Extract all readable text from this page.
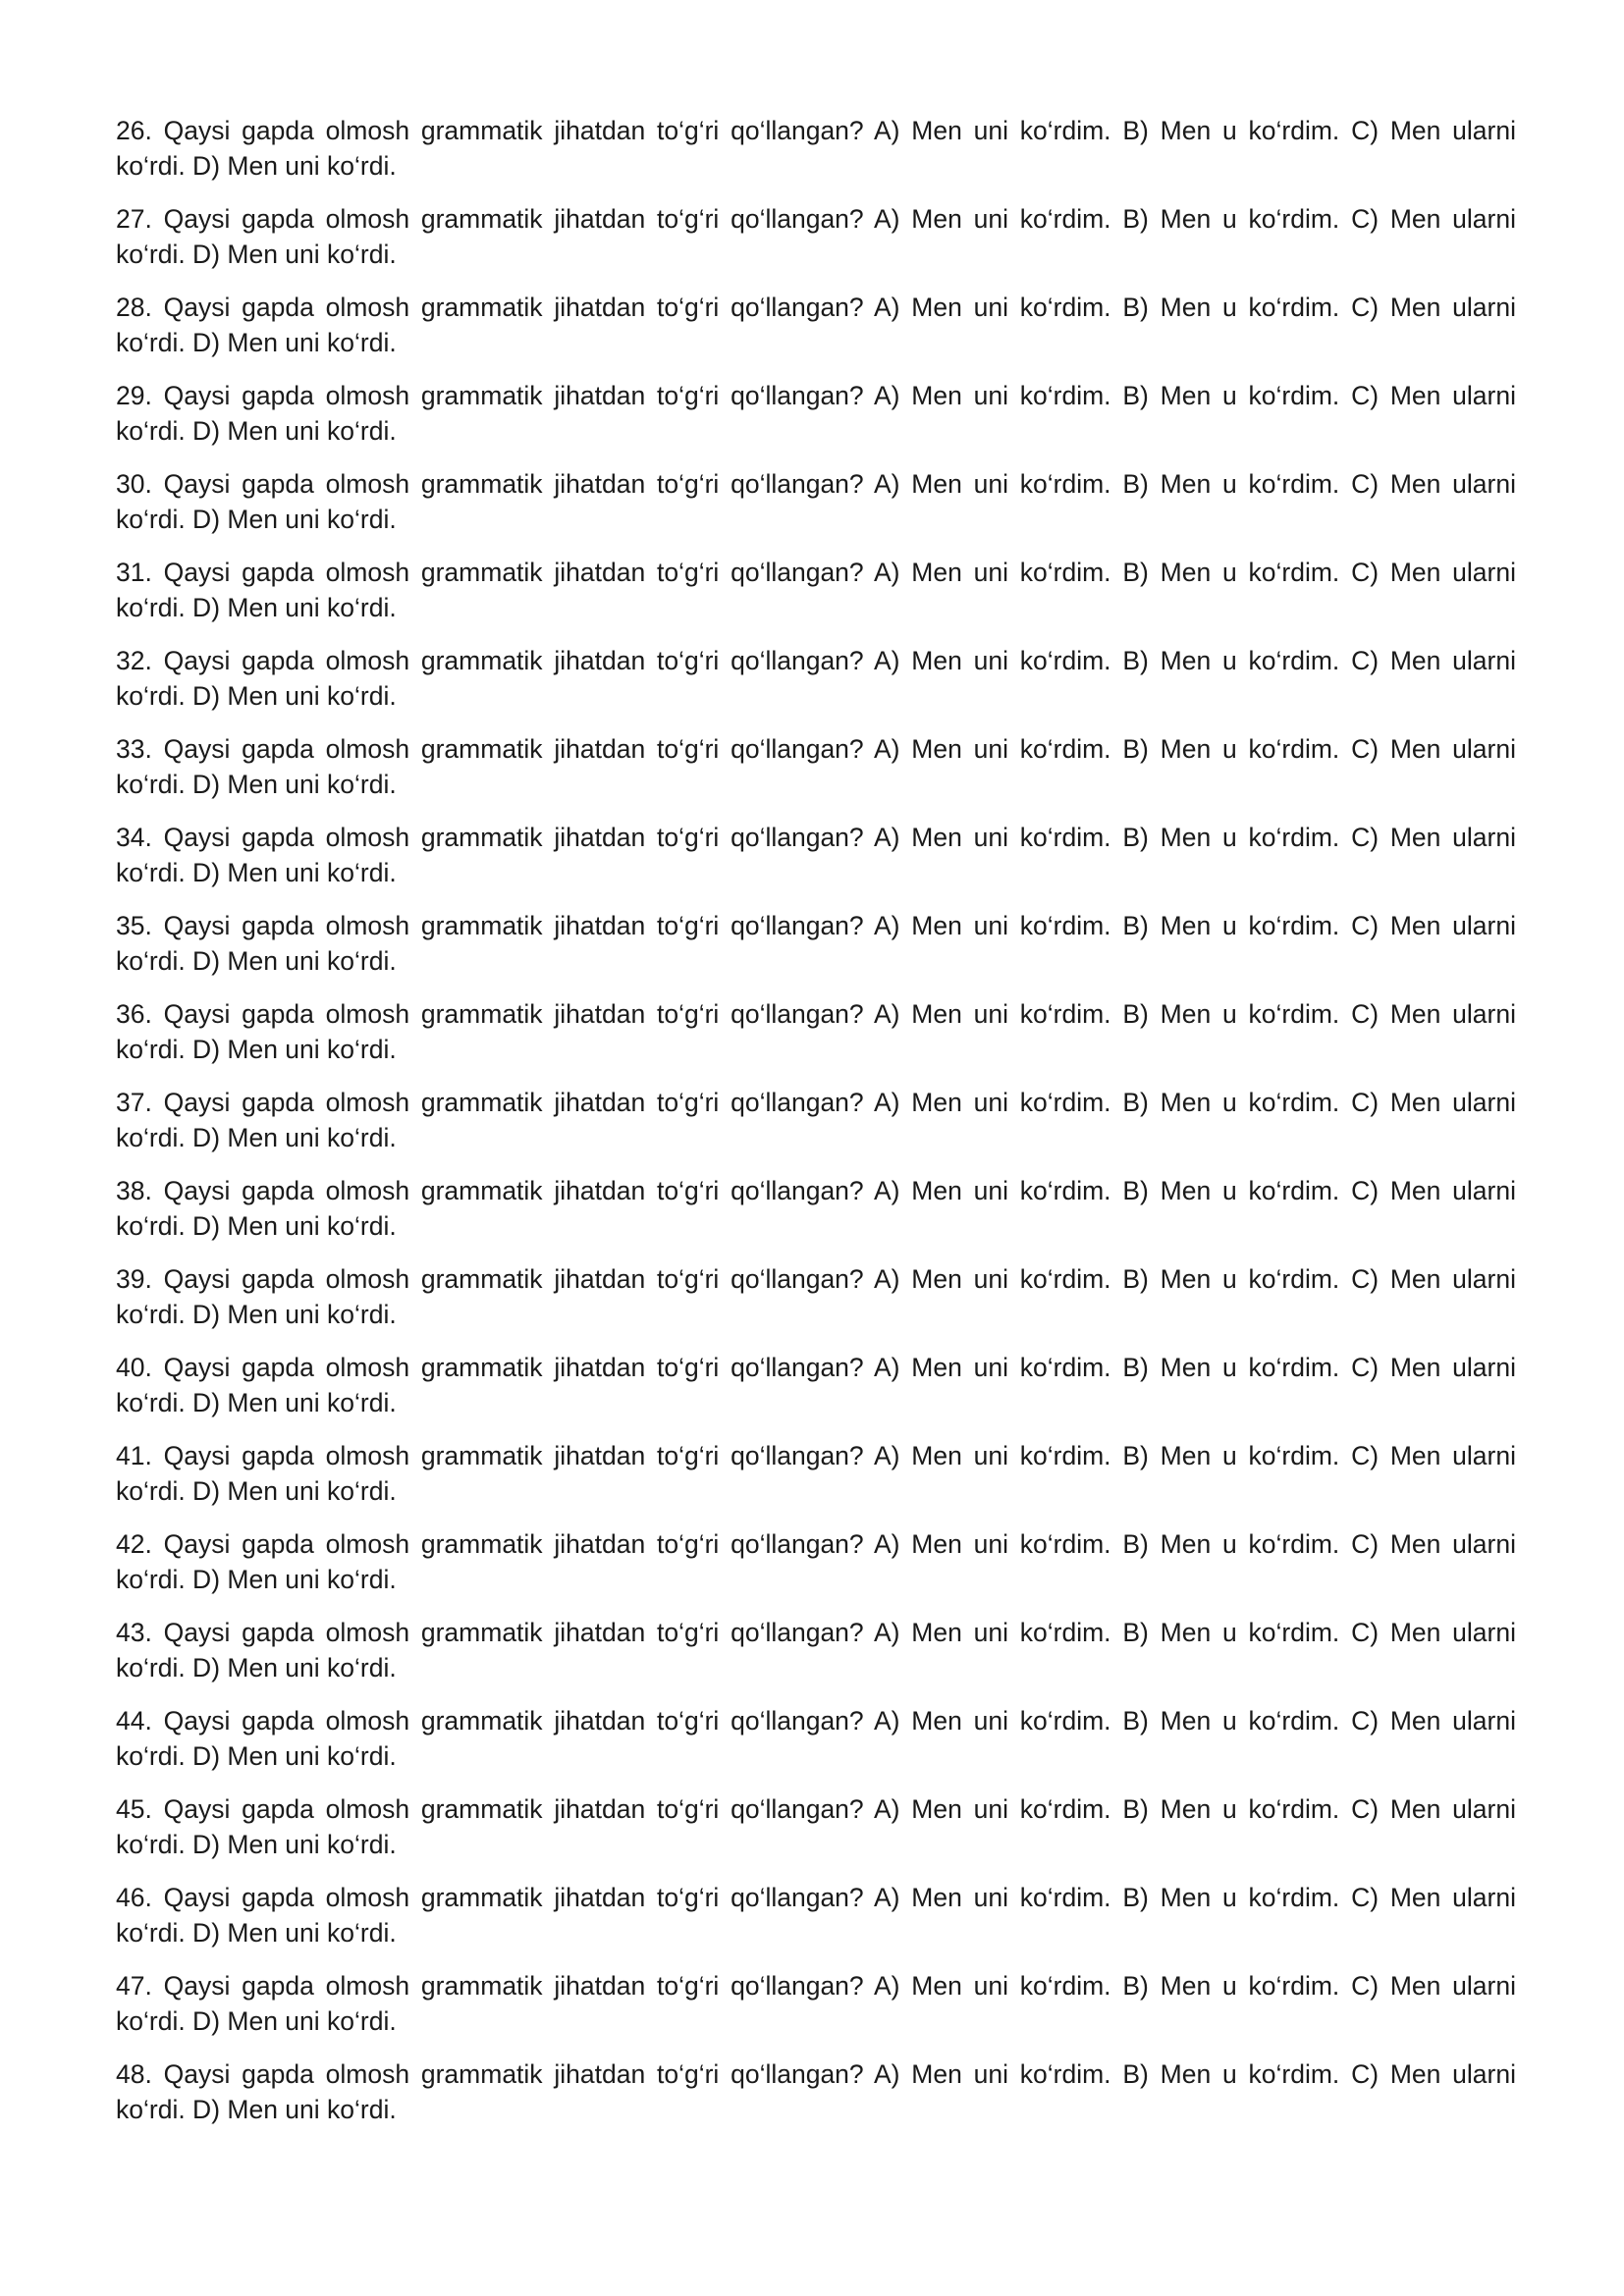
26. Qaysi gapda olmosh grammatik jihatdan to‘g‘ri qo‘llangan? A) Men uni ko‘rdim. B) Men u ko‘rdim. C) Men ularni
ko‘rdi. D) Men uni ko‘rdi.

27. Qaysi gapda olmosh grammatik jihatdan to‘g‘ri qo‘llangan? A) Men uni ko‘rdim. B) Men u ko‘rdim. C) Men ularni
ko‘rdi. D) Men uni ko‘rdi.

28. Qaysi gapda olmosh grammatik jihatdan to‘g‘ri qo‘llangan? A) Men uni ko‘rdim. B) Men u ko‘rdim. C) Men ularni
ko‘rdi. D) Men uni ko‘rdi.

29. Qaysi gapda olmosh grammatik jihatdan to‘g‘ri qo‘llangan? A) Men uni ko‘rdim. B) Men u ko‘rdim. C) Men ularni
ko‘rdi. D) Men uni ko‘rdi.

30. Qaysi gapda olmosh grammatik jihatdan to‘g‘ri qo‘llangan? A) Men uni ko‘rdim. B) Men u ko‘rdim. C) Men ularni
ko‘rdi. D) Men uni ko‘rdi.

31. Qaysi gapda olmosh grammatik jihatdan to‘g‘ri qo‘llangan? A) Men uni ko‘rdim. B) Men u ko‘rdim. C) Men ularni
ko‘rdi. D) Men uni ko‘rdi.

32. Qaysi gapda olmosh grammatik jihatdan to‘g‘ri qo‘llangan? A) Men uni ko‘rdim. B) Men u ko‘rdim. C) Men ularni
ko‘rdi. D) Men uni ko‘rdi.

33. Qaysi gapda olmosh grammatik jihatdan to‘g‘ri qo‘llangan? A) Men uni ko‘rdim. B) Men u ko‘rdim. C) Men ularni
ko‘rdi. D) Men uni ko‘rdi.

34. Qaysi gapda olmosh grammatik jihatdan to‘g‘ri qo‘llangan? A) Men uni ko‘rdim. B) Men u ko‘rdim. C) Men ularni
ko‘rdi. D) Men uni ko‘rdi.

35. Qaysi gapda olmosh grammatik jihatdan to‘g‘ri qo‘llangan? A) Men uni ko‘rdim. B) Men u ko‘rdim. C) Men ularni
ko‘rdi. D) Men uni ko‘rdi.

36. Qaysi gapda olmosh grammatik jihatdan to‘g‘ri qo‘llangan? A) Men uni ko‘rdim. B) Men u ko‘rdim. C) Men ularni
ko‘rdi. D) Men uni ko‘rdi.

37. Qaysi gapda olmosh grammatik jihatdan to‘g‘ri qo‘llangan? A) Men uni ko‘rdim. B) Men u ko‘rdim. C) Men ularni
ko‘rdi. D) Men uni ko‘rdi.

38. Qaysi gapda olmosh grammatik jihatdan to‘g‘ri qo‘llangan? A) Men uni ko‘rdim. B) Men u ko‘rdim. C) Men ularni
ko‘rdi. D) Men uni ko‘rdi.

39. Qaysi gapda olmosh grammatik jihatdan to‘g‘ri qo‘llangan? A) Men uni ko‘rdim. B) Men u ko‘rdim. C) Men ularni
ko‘rdi. D) Men uni ko‘rdi.

40. Qaysi gapda olmosh grammatik jihatdan to‘g‘ri qo‘llangan? A) Men uni ko‘rdim. B) Men u ko‘rdim. C) Men ularni
ko‘rdi. D) Men uni ko‘rdi.

41. Qaysi gapda olmosh grammatik jihatdan to‘g‘ri qo‘llangan? A) Men uni ko‘rdim. B) Men u ko‘rdim. C) Men ularni
ko‘rdi. D) Men uni ko‘rdi.

42. Qaysi gapda olmosh grammatik jihatdan to‘g‘ri qo‘llangan? A) Men uni ko‘rdim. B) Men u ko‘rdim. C) Men ularni
ko‘rdi. D) Men uni ko‘rdi.

43. Qaysi gapda olmosh grammatik jihatdan to‘g‘ri qo‘llangan? A) Men uni ko‘rdim. B) Men u ko‘rdim. C) Men ularni
ko‘rdi. D) Men uni ko‘rdi.

44. Qaysi gapda olmosh grammatik jihatdan to‘g‘ri qo‘llangan? A) Men uni ko‘rdim. B) Men u ko‘rdim. C) Men ularni
ko‘rdi. D) Men uni ko‘rdi.

45. Qaysi gapda olmosh grammatik jihatdan to‘g‘ri qo‘llangan? A) Men uni ko‘rdim. B) Men u ko‘rdim. C) Men ularni
ko‘rdi. D) Men uni ko‘rdi.

46. Qaysi gapda olmosh grammatik jihatdan to‘g‘ri qo‘llangan? A) Men uni ko‘rdim. B) Men u ko‘rdim. C) Men ularni
ko‘rdi. D) Men uni ko‘rdi.

47. Qaysi gapda olmosh grammatik jihatdan to‘g‘ri qo‘llangan? A) Men uni ko‘rdim. B) Men u ko‘rdim. C) Men ularni
ko‘rdi. D) Men uni ko‘rdi.

48. Qaysi gapda olmosh grammatik jihatdan to‘g‘ri qo‘llangan? A) Men uni ko‘rdim. B) Men u ko‘rdim. C) Men ularni
ko‘rdi. D) Men uni ko‘rdi.
